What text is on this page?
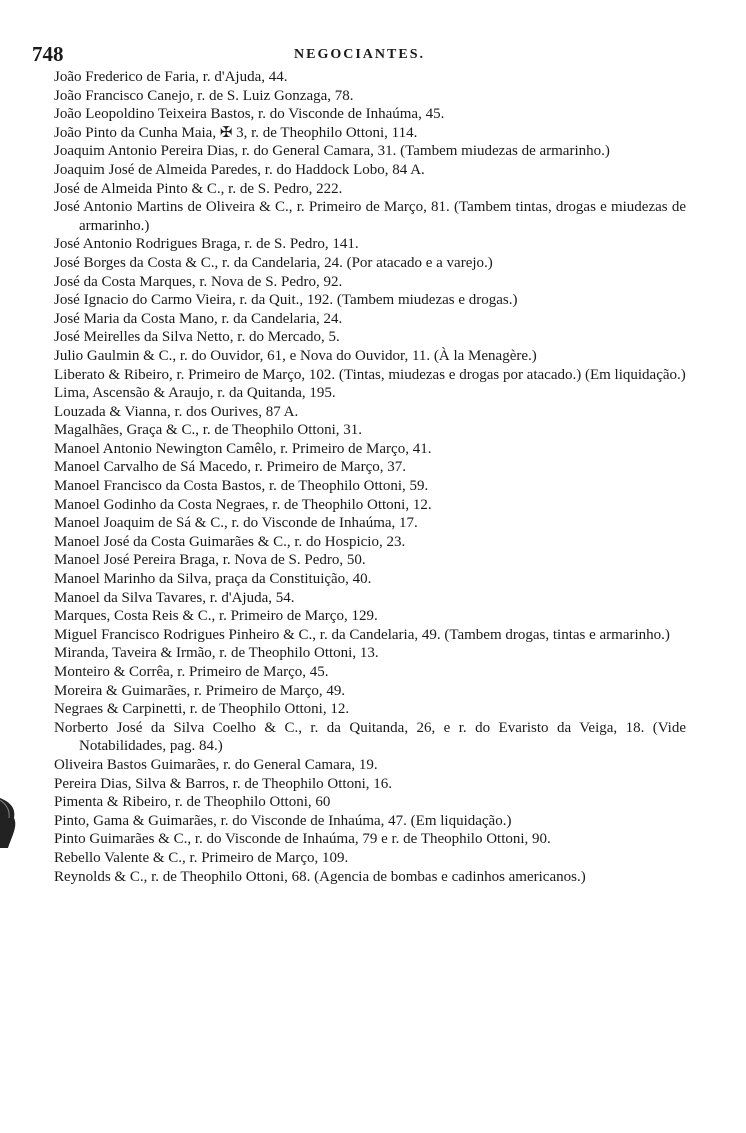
748	NEGOCIANTES.

João Frederico de Faria, r. d'Ajuda, 44.

João Francisco Canejo, r. de S. Luiz Gonzaga, 78.

João Leopoldino Teixeira Bastos, r. do Visconde de Inhaúma, 45.

João Pinto da Cunha Maia, ✠ 3, r. de Theophilo Ottoni, 114.

Joaquim Antonio Pereira Dias, r. do General Camara, 31. (Tambem miudezas de armarinho.)

Joaquim José de Almeida Paredes, r. do Haddock Lobo, 84 A.

José de Almeida Pinto & C., r. de S. Pedro, 222.

José Antonio Martins de Oliveira & C., r. Primeiro de Março, 81. (Tambem tintas, drogas e miudezas de armarinho.)

José Antonio Rodrigues Braga, r. de S. Pedro, 141.

José Borges da Costa & C., r. da Candelaria, 24. (Por atacado e a varejo.)

José da Costa Marques, r. Nova de S. Pedro, 92.

José Ignacio do Carmo Vieira, r. da Quit., 192. (Tambem miudezas e drogas.)

José Maria da Costa Mano, r. da Candelaria, 24.

José Meirelles da Silva Netto, r. do Mercado, 5.

Julio Gaulmin & C., r. do Ouvidor, 61, e Nova do Ouvidor, 11. (À la Menagère.)

Liberato & Ribeiro, r. Primeiro de Março, 102. (Tintas, miudezas e drogas por atacado.) (Em liquidação.)

Lima, Ascensão & Araujo, r. da Quitanda, 195.

Louzada & Vianna, r. dos Ourives, 87 A.

Magalhães, Graça & C., r. de Theophilo Ottoni, 31.

Manoel Antonio Newington Camêlo, r. Primeiro de Março, 41.

Manoel Carvalho de Sá Macedo, r. Primeiro de Março, 37.

Manoel Francisco da Costa Bastos, r. de Theophilo Ottoni, 59.

Manoel Godinho da Costa Negraes, r. de Theophilo Ottoni, 12.

Manoel Joaquim de Sá & C., r. do Visconde de Inhaúma, 17.

Manoel José da Costa Guimarães & C., r. do Hospicio, 23.

Manoel José Pereira Braga, r. Nova de S. Pedro, 50.

Manoel Marinho da Silva, praça da Constituição, 40.

Manoel da Silva Tavares, r. d'Ajuda, 54.

Marques, Costa Reis & C., r. Primeiro de Março, 129.

Miguel Francisco Rodrigues Pinheiro & C., r. da Candelaria, 49. (Tambem drogas, tintas e armarinho.)

Miranda, Taveira & Irmão, r. de Theophilo Ottoni, 13.

Monteiro & Corrêa, r. Primeiro de Março, 45.

Moreira & Guimarães, r. Primeiro de Março, 49.

Negraes & Carpinetti, r. de Theophilo Ottoni, 12.

Norberto José da Silva Coelho & C., r. da Quitanda, 26, e r. do Evaristo da Veiga, 18. (Vide Notabilidades, pag. 84.)

Oliveira Bastos Guimarães, r. do General Camara, 19.

Pereira Dias, Silva & Barros, r. de Theophilo Ottoni, 16.

Pimenta & Ribeiro, r. de Theophilo Ottoni, 60

Pinto, Gama & Guimarães, r. do Visconde de Inhaúma, 47. (Em liquidação.)

Pinto Guimarães & C., r. do Visconde de Inhaúma, 79 e r. de Theophilo Ottoni, 90.

Rebello Valente & C., r. Primeiro de Março, 109.

Reynolds & C., r. de Theophilo Ottoni, 68. (Agencia de bombas e cadinhos americanos.)
